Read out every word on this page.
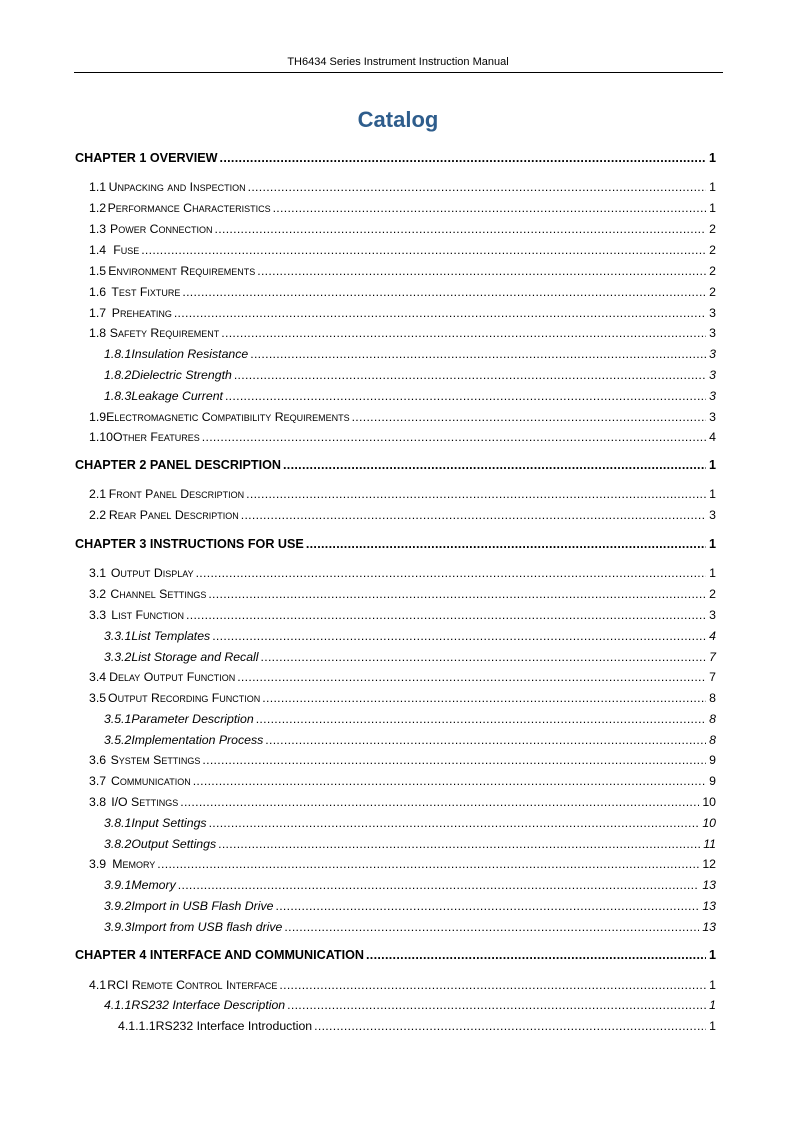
TH6434 Series Instrument Instruction Manual
Catalog
CHAPTER 1 OVERVIEW .....	1
1.1 Unpacking and Inspection .....	1
1.2 Performance Characteristics .....	1
1.3 Power Connection .....	2
1.4 Fuse .....	2
1.5 Environment Requirements .....	2
1.6 Test Fixture .....	2
1.7 Preheating .....	3
1.8 Safety Requirement .....	3
1.8.1 Insulation Resistance .....	3
1.8.2 Dielectric Strength .....	3
1.8.3 Leakage Current .....	3
1.9 Electromagnetic Compatibility Requirements .....	3
1.10 Other Features .....	4
CHAPTER 2 PANEL DESCRIPTION .....	1
2.1 Front Panel Description .....	1
2.2 Rear Panel Description .....	3
CHAPTER 3 INSTRUCTIONS FOR USE .....	1
3.1 Output Display .....	1
3.2 Channel Settings .....	2
3.3 List Function .....	3
3.3.1 List Templates .....	4
3.3.2 List Storage and Recall .....	7
3.4 Delay Output Function .....	7
3.5 Output Recording Function .....	8
3.5.1 Parameter Description .....	8
3.5.2 Implementation Process .....	8
3.6 System Settings .....	9
3.7 Communication .....	9
3.8 I/O Settings .....	10
3.8.1 Input Settings .....	10
3.8.2 Output Settings .....	11
3.9 Memory .....	12
3.9.1 Memory .....	13
3.9.2 Import in USB Flash Drive .....	13
3.9.3 Import from USB flash drive .....	13
CHAPTER 4 INTERFACE AND COMMUNICATION .....	1
4.1 RCI Remote Control Interface .....	1
4.1.1 RS232 Interface Description .....	1
4.1.1.1 RS232 Interface Introduction .....	1
